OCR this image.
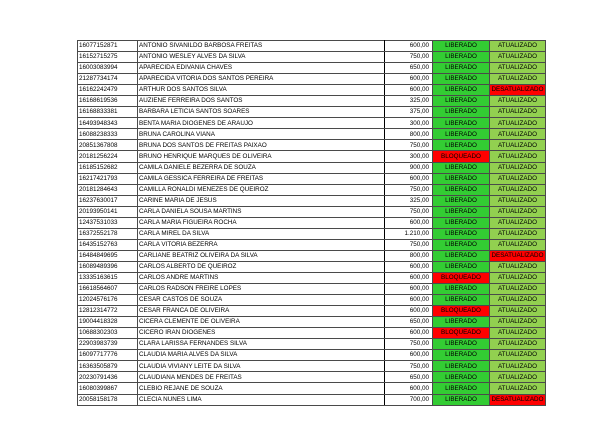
16077152871	ANTONIO SIVANILDO BARBOSA FREITAS	600,00	LIBERADO	ATUALIZADO
16152715275	ANTONIO WESLEY ALVES DA SILVA	750,00	LIBERADO	ATUALIZADO
16003083994	APARECIDA EDIVANIA CHAVES	650,00	LIBERADO	ATUALIZADO
21287734174	APARECIDA VITORIA DOS SANTOS PEREIRA	600,00	LIBERADO	ATUALIZADO
16162242479	ARTHUR DOS SANTOS SILVA	600,00	LIBERADO	DESATUALIZADO
16168619536	AUZIENE FERREIRA DOS SANTOS	325,00	LIBERADO	ATUALIZADO
16168833381	BARBARA LETICIA SANTOS SOARES	375,00	LIBERADO	ATUALIZADO
16493948343	BENTA MARIA DIOGENES DE ARAUJO	300,00	LIBERADO	ATUALIZADO
16088238333	BRUNA CAROLINA VIANA	800,00	LIBERADO	ATUALIZADO
20851367808	BRUNA DOS SANTOS DE FREITAS PAIXAO	750,00	LIBERADO	ATUALIZADO
20181256224	BRUNO HENRIQUE MARQUES DE OLIVEIRA	300,00	BLOQUEADO	ATUALIZADO
16185152682	CAMILA DANIELE BEZERRA DE SOUZA	900,00	LIBERADO	ATUALIZADO
16217421793	CAMILA GESSICA FERREIRA DE FREITAS	600,00	LIBERADO	ATUALIZADO
20181284643	CAMILLA RONALDI MENEZES DE QUEIROZ	750,00	LIBERADO	ATUALIZADO
16237630017	CARINE MARIA DE JESUS	325,00	LIBERADO	ATUALIZADO
20193950141	CARLA DANIELA SOUSA MARTINS	750,00	LIBERADO	ATUALIZADO
12437531033	CARLA MARIA FIGUEIRA ROCHA	600,00	LIBERADO	ATUALIZADO
16372552178	CARLA MIREL DA SILVA	1.210,00	LIBERADO	ATUALIZADO
16435152763	CARLA VITORIA BEZERRA	750,00	LIBERADO	ATUALIZADO
16484849695	CARLIANE BEATRIZ OLIVEIRA DA SILVA	800,00	LIBERADO	DESATUALIZADO
16089489396	CARLOS ALBERTO DE QUEIROZ	600,00	LIBERADO	ATUALIZADO
13335163615	CARLOS ANDRE MARTINS	600,00	BLOQUEADO	ATUALIZADO
16618564607	CARLOS RADSON FREIRE LOPES	600,00	LIBERADO	ATUALIZADO
12024576176	CESAR CASTOS DE SOUZA	600,00	LIBERADO	ATUALIZADO
12812314772	CESAR FRANCA DE OLIVEIRA	600,00	BLOQUEADO	ATUALIZADO
19004418328	CICERA CLEMENTE DE OLIVEIRA	650,00	LIBERADO	ATUALIZADO
10688302303	CICERO IRAN DIOGENES	600,00	BLOQUEADO	ATUALIZADO
22903983739	CLARA LARISSA FERNANDES SILVA	750,00	LIBERADO	ATUALIZADO
16097717776	CLAUDIA MARIA ALVES DA SILVA	600,00	LIBERADO	ATUALIZADO
16363505879	CLAUDIA VIVIANY LEITE DA SILVA	750,00	LIBERADO	ATUALIZADO
20230791436	CLAUDIANA MENDES DE FREITAS	650,00	LIBERADO	ATUALIZADO
16080399867	CLEBIO REJANE DE SOUZA	600,00	LIBERADO	ATUALIZADO
20058158178	CLECIA NUNES LIMA	700,00	LIBERADO	DESATUALIZADO
